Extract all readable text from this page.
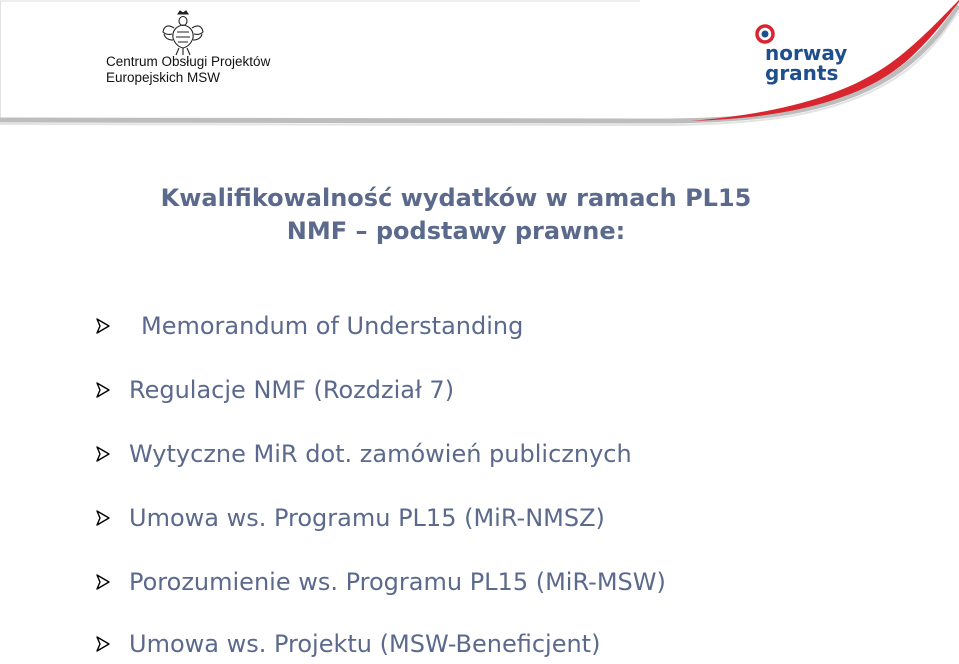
Centrum Obsługi Projektów
Europejskich MSW
norway
grants
Kwalifikowalność wydatków w ramach PL15
NMF – podstawy prawne:
Memorandum of Understanding
Regulacje NMF (Rozdział 7)
Wytyczne MiR dot. zamówień publicznych
Umowa ws. Programu PL15 (MiR-NMSZ)
Porozumienie ws. Programu PL15 (MiR-MSW)
Umowa ws. Projektu (MSW-Beneficjent)
